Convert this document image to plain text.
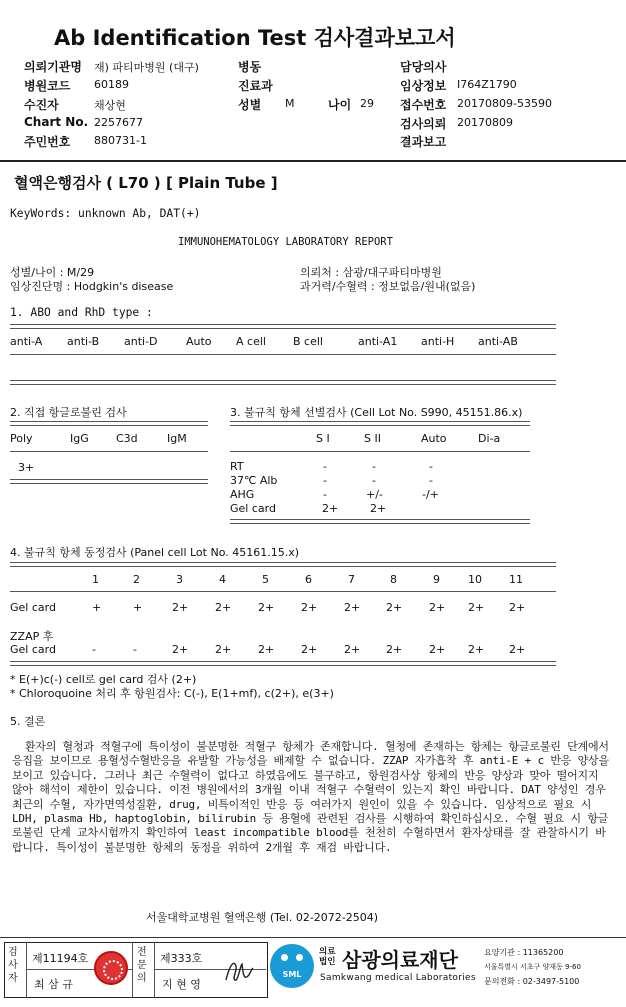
Ab Identification Test 검사결과보고서
의뢰기관명 재) 파티마병원 (대구)
병원코드 60189
수진자	채상현
Chart No. 2257677
주민번호 880731-1
병동
진료과
성별 M	나이 29
담당의사
임상정보 I764Z1790
접수번호 20170809-53590
검사의뢰 20170809
결과보고
혈액은행검사 ( L70 ) [ Plain Tube ]
KeyWords: unknown Ab, DAT(+)
IMMUNOHEMATOLOGY LABORATORY REPORT
성별/나이 : M/29
임상진단명 : Hodgkin's disease
의뢰처 : 삼광/대구파티마병원
과거력/수혈력 : 정보없음/원내(없음)
1. ABO and RhD type :
anti-A anti-B anti-D	Auto A cell B cell	anti-A1 anti-H anti-AB
2. 직접 항글로불린 검사
Poly	IgG C3d	IgM
3+
3. 불규칙 항체 선별검사 (Cell Lot No. S990, 45151.86.x)
S I	S II	Auto	Di-a
RT	-	-	-
37℃ Alb	-	-	-
AHG	-	+/-	-/+
Gel card	2+	2+
4. 불규칙 항체 동정검사 (Panel cell Lot No. 45161.15.x)
1	2	3	4	5	6	7	8	9	10 11
Gel card	+	+	2+ 2+ 2+ 2+ 2+ 2+ 2+ 2+ 2+
ZZAP 후
Gel card	-	-	2+ 2+ 2+ 2+ 2+ 2+ 2+ 2+ 2+
* E(+)c(-) cell로 gel card 검사 (2+)
* Chloroquoine 처리 후 항원검사: C(-), E(1+mf), c(2+), e(3+)
5. 결론
환자의 혈청과 적혈구에 특이성이 불분명한 적혈구 항체가 존재합니다. 혈청에 존재하는 항체는 항글로불린 단계에서 응집을 보이므로 용혈성수혈반응을 유발할 가능성을 배제할 수 없습니다. ZZAP 자가흡착 후 anti-E + c 반응 양상을 보이고 있습니다. 그러나 최근 수혈력이 없다고 하였음에도 불구하고, 항원검사상 항체의 반응 양상과 맞아 떨어지지 않아 해석이 제한이 있습니다. 이전 병원에서의 3개월 이내 적혈구 수혈력이 있는지 확인 바랍니다. DAT 양성인 경우 최근의 수혈, 자가면역성질환, drug, 비특이적인 반응 등 여러가지 원인이 있을 수 있습니다. 임상적으로 필요 시 LDH, plasma Hb, haptoglobin, bilirubin 등 용혈에 관련된 검사를 시행하여 확인하십시오. 수혈 필요 시 항글로불린 단계 교차시험까지 확인하여 least incompatible blood를 천천히 수혈하면서 환자상태를 잘 관찰하시기 바랍니다. 특이성이 불분명한 항체의 동정을 위하여 2개월 후 재검 바랍니다.
서울대학교병원 혈액은행 (Tel. 02-2072-2504)
검사자
제11194호
최 삼 규
전문의
제333호
지 현 영
SML
의료법인 삼광의료재단
Samkwang medical Laboratories
요양기관 : 11365200
서울특별시 서초구 양재동 9-60
문의전화 : 02-3497-5100
